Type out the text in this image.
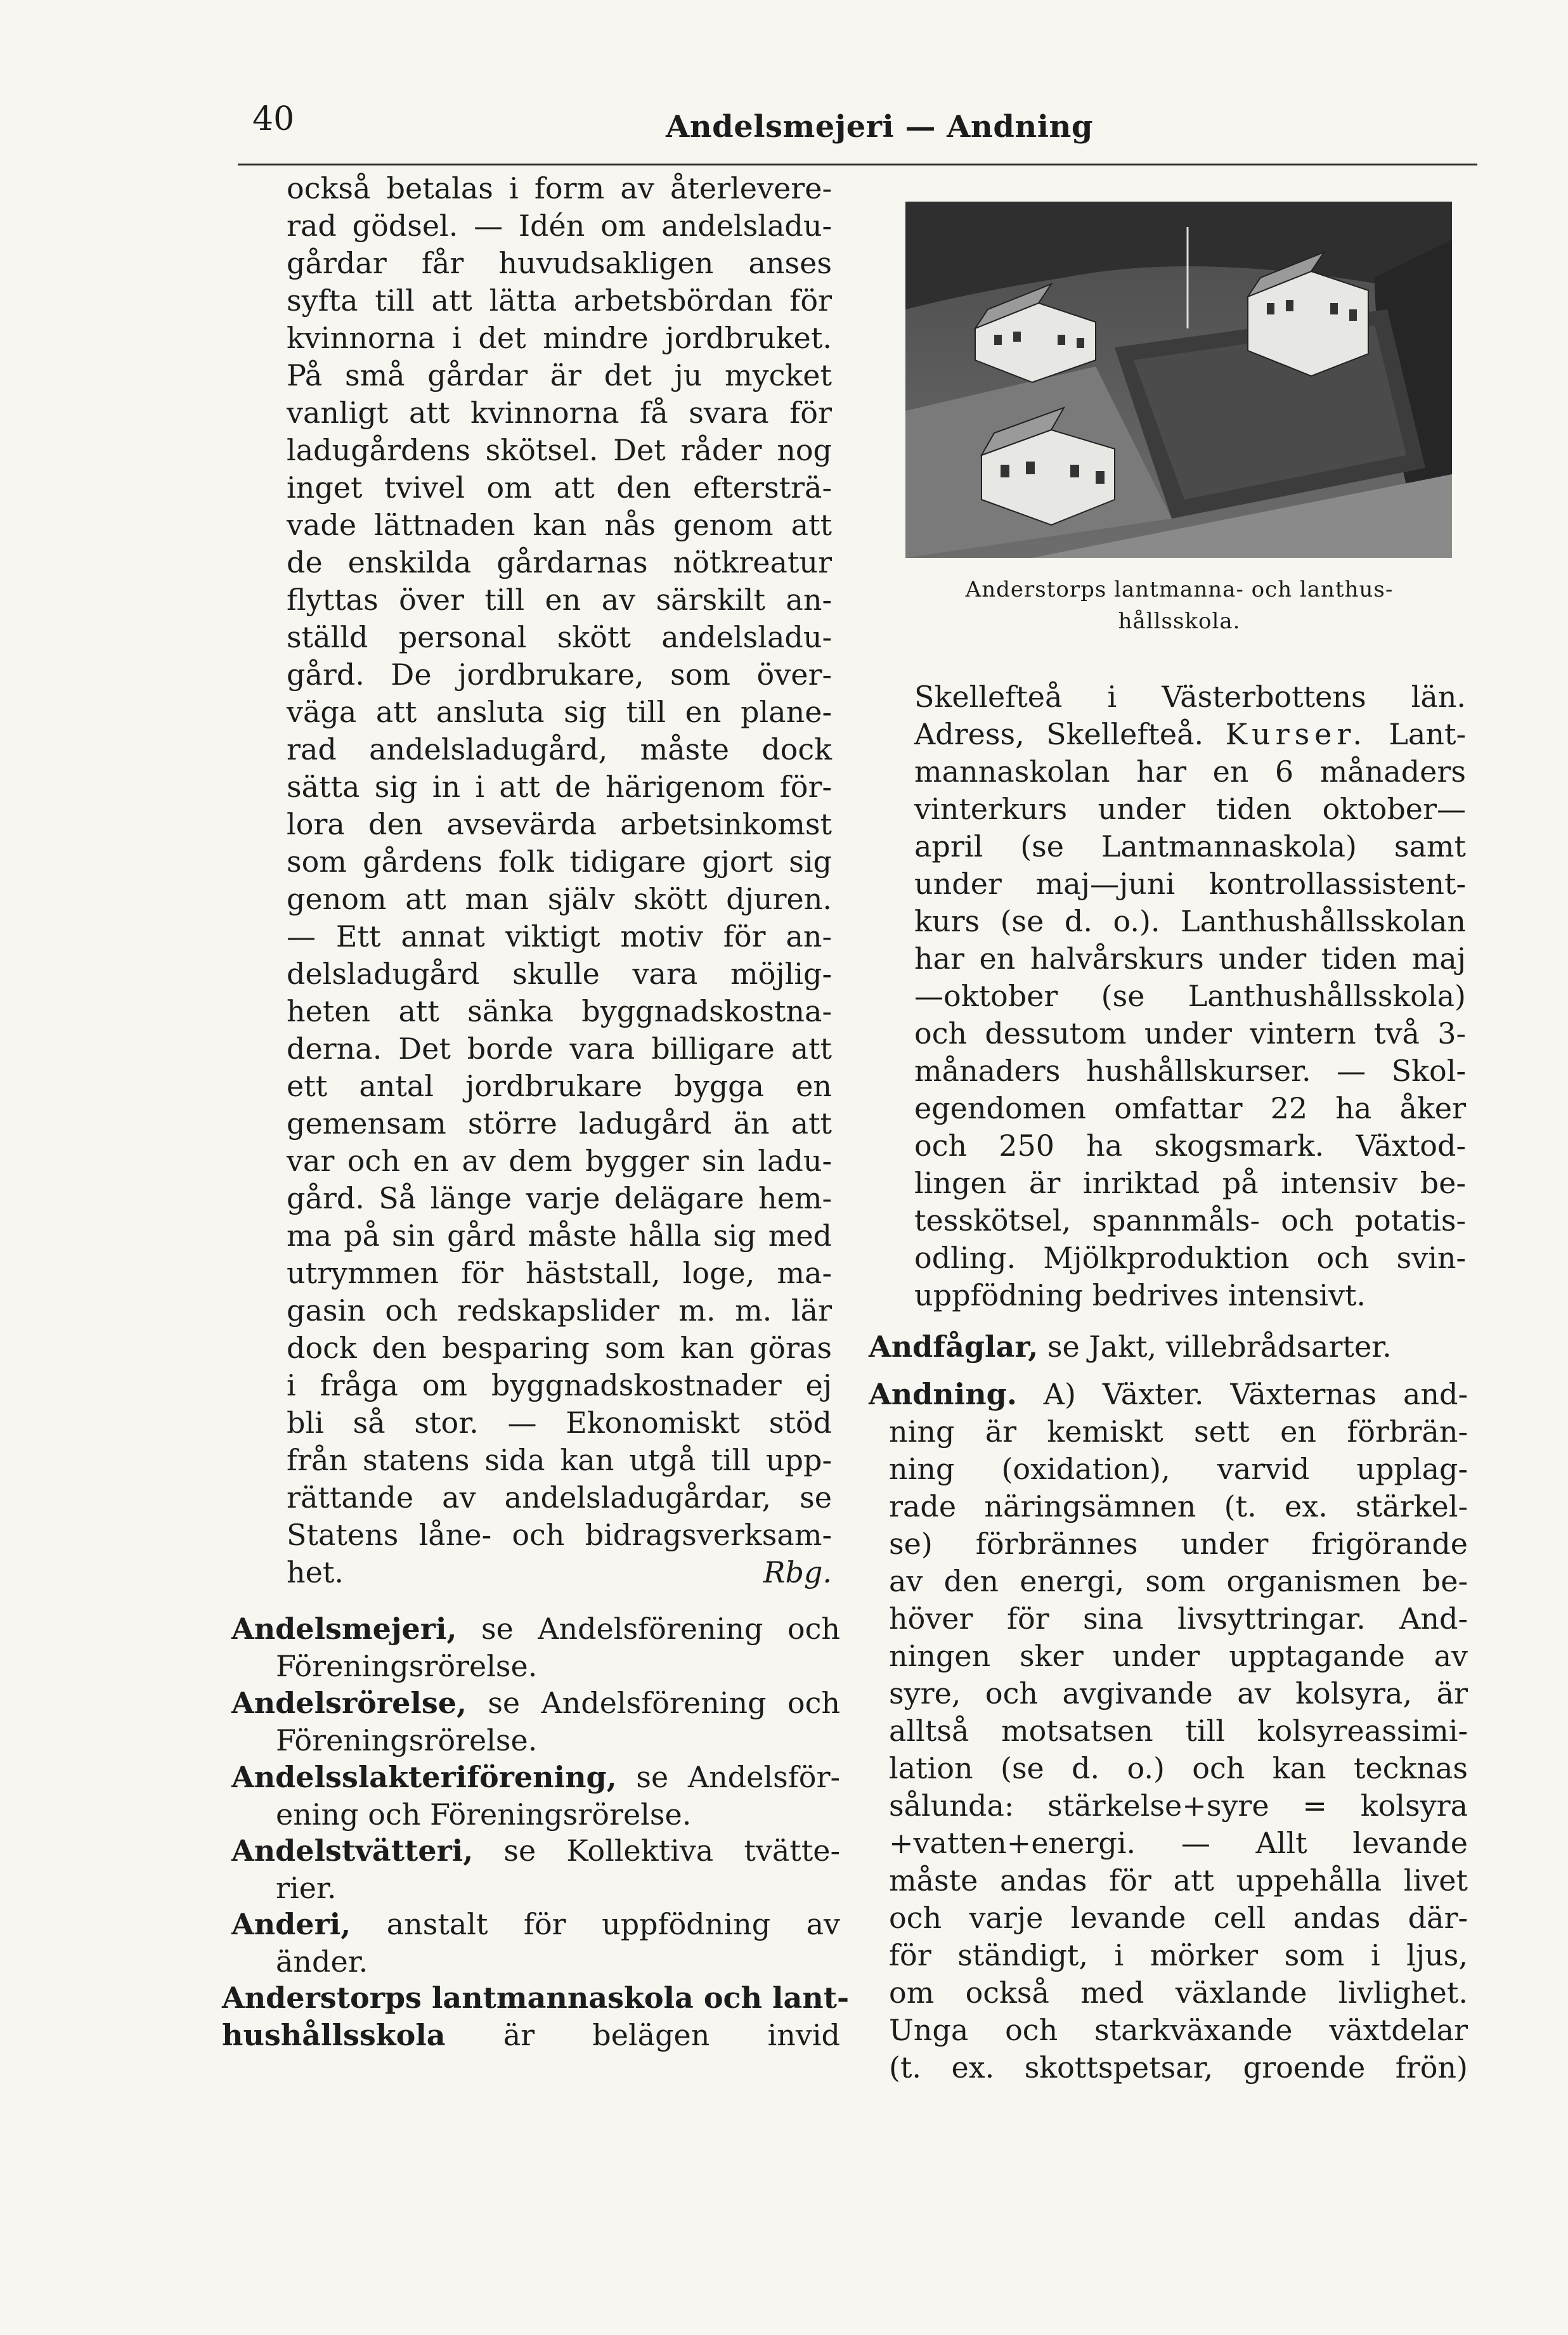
40	Andelsmejeri — Andning
också betalas i form av återlevere-
rad gödsel. — Idén om andelsladu-
gårdar får huvudsakligen anses
syfta till att lätta arbetsbördan för
kvinnorna i det mindre jordbruket.
På små gårdar är det ju mycket
vanligt att kvinnorna få svara för
ladugårdens skötsel. Det råder nog
inget tvivel om att den eftersträ-
vade lättnaden kan nås genom att
de enskilda gårdarnas nötkreatur
flyttas över till en av särskilt an-
ställd personal skött andelsladu-
gård. De jordbrukare, som över-
väga att ansluta sig till en plane-
rad andelsladugård, måste dock
sätta sig in i att de härigenom för-
lora den avsevärda arbetsinkomst
som gårdens folk tidigare gjort sig
genom att man själv skött djuren.
— Ett annat viktigt motiv för an-
delsladugård skulle vara möjlig-
heten att sänka byggnadskostna-
derna. Det borde vara billigare att
ett antal jordbrukare bygga en
gemensam större ladugård än att
var och en av dem bygger sin ladu-
gård. Så länge varje delägare hem-
ma på sin gård måste hålla sig med
utrymmen för häststall, loge, ma-
gasin och redskapslider m. m. lär
dock den besparing som kan göras
i fråga om byggnadskostnader ej
bli så stor. — Ekonomiskt stöd
från statens sida kan utgå till upp-
rättande av andelsladugårdar, se
Statens låne- och bidragsverksam-
het.	Rbg.
Andelsmejeri, se Andelsförening och
Föreningsrörelse.
Andelsrörelse, se Andelsförening och
Föreningsrörelse.
Andelsslakteriförening, se Andelsför-
ening och Föreningsrörelse.
Andelstvätteri, se Kollektiva tvätte-
rier.
Anderi, anstalt för uppfödning av
änder.
Anderstorps lantmannaskola och lant-
hushållsskola är belägen invid
Anderstorps lantmanna- och lanthus-
hållsskola.
Skellefteå i Västerbottens län.
Adress, Skellefteå. Kurser. Lant-
mannaskolan har en 6 månaders
vinterkurs under tiden oktober—
april (se Lantmannaskola) samt
under maj—juni kontrollassistent-
kurs (se d. o.). Lanthushållsskolan
har en halvårskurs under tiden maj
—oktober (se Lanthushållsskola)
och dessutom under vintern två 3-
månaders hushållskurser. — Skol-
egendomen omfattar 22 ha åker
och 250 ha skogsmark. Växtod-
lingen är inriktad på intensiv be-
tesskötsel, spannmåls- och potatis-
odling. Mjölkproduktion och svin-
uppfödning bedrives intensivt.
Andfåglar, se Jakt, villebrådsarter.
Andning. A) Växter. Växternas and-
ning är kemiskt sett en förbrän-
ning (oxidation), varvid upplag-
rade näringsämnen (t. ex. stärkel-
se) förbrännes under frigörande
av den energi, som organismen be-
höver för sina livsyttringar. And-
ningen sker under upptagande av
syre, och avgivande av kolsyra, är
alltså motsatsen till kolsyreassimi-
lation (se d. o.) och kan tecknas
sålunda: stärkelse+syre = kolsyra
+vatten+energi. — Allt levande
måste andas för att uppehålla livet
och varje levande cell andas där-
för ständigt, i mörker som i ljus,
om också med växlande livlighet.
Unga och starkväxande växtdelar
(t. ex. skottspetsar, groende frön)
